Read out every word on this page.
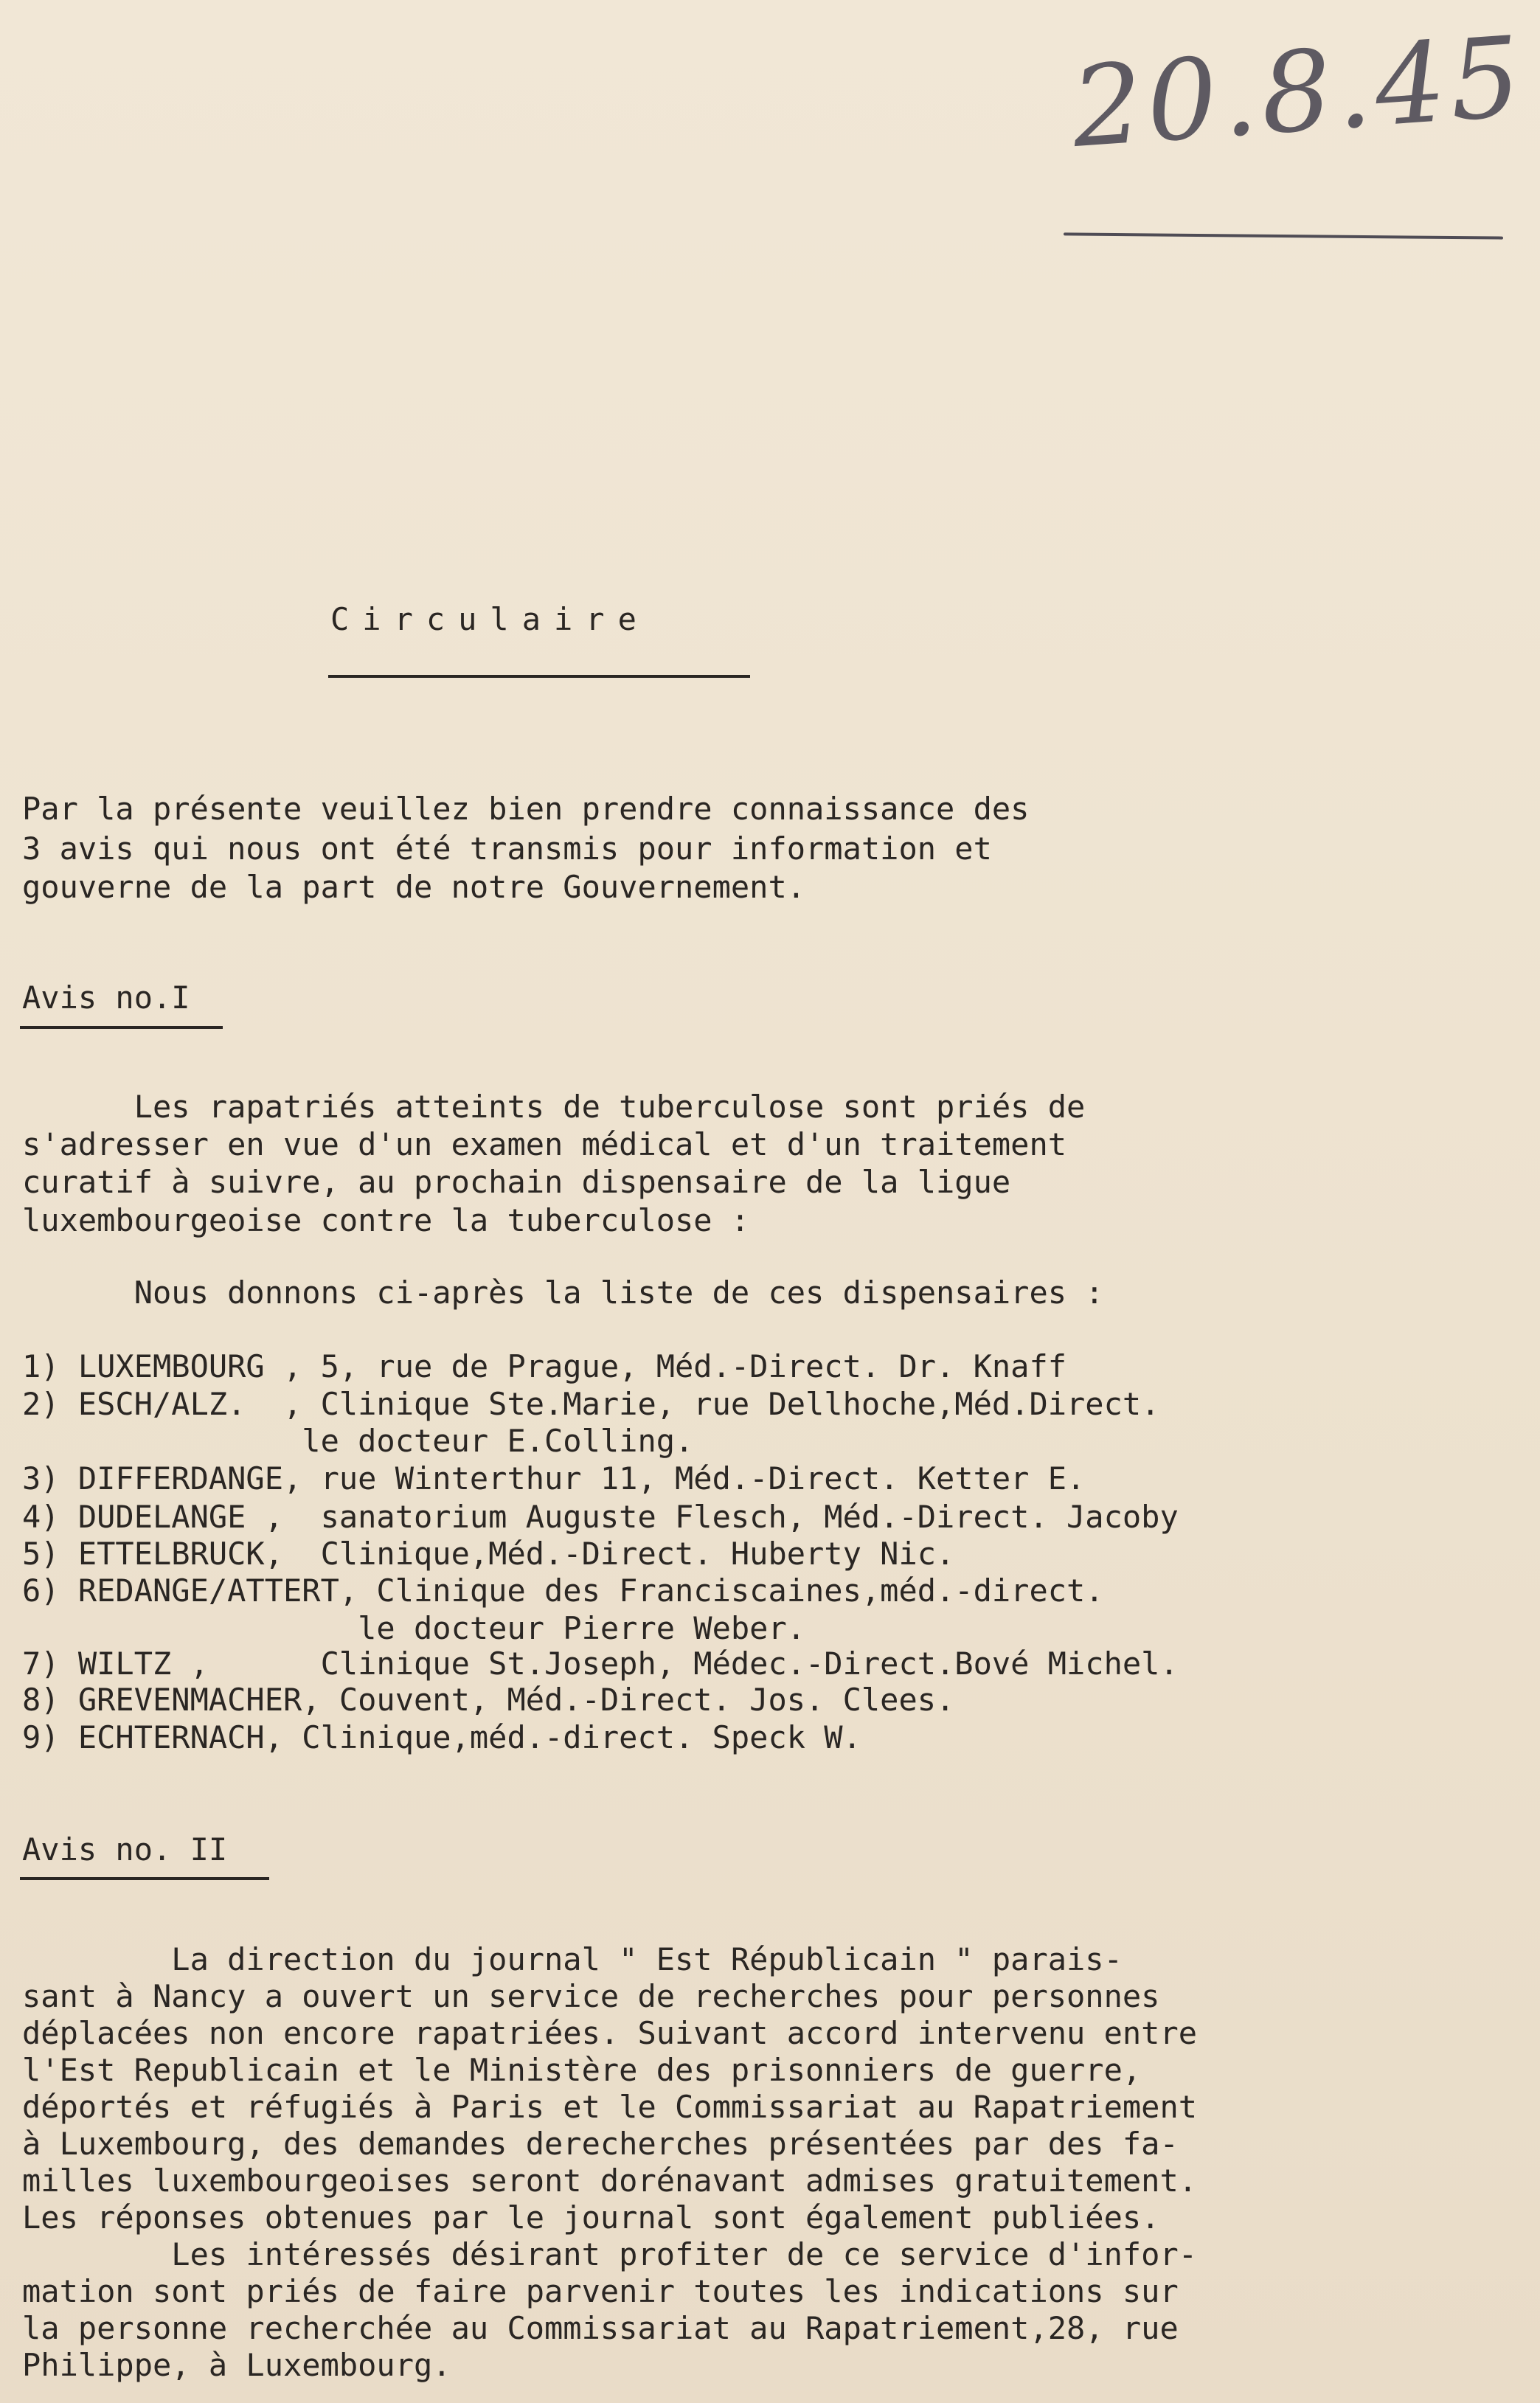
20.8.45
Circulaire
Par la présente veuillez bien prendre connaissance des
3 avis qui nous ont été transmis pour information et
gouverne de la part de notre Gouvernement.
Avis no.I
Les rapatriés atteints de tuberculose sont priés de
s'adresser en vue d'un examen médical et d'un traitement
curatif à suivre, au prochain dispensaire de la ligue
luxembourgeoise contre la tuberculose :
Nous donnons ci-après la liste de ces dispensaires :
1) LUXEMBOURG , 5, rue de Prague, Méd.-Direct. Dr. Knaff
2) ESCH/ALZ.  , Clinique Ste.Marie, rue Dellhoche,Méd.Direct.
le docteur E.Colling.
3) DIFFERDANGE, rue Winterthur 11, Méd.-Direct. Ketter E.
4) DUDELANGE ,  sanatorium Auguste Flesch, Méd.-Direct. Jacoby
5) ETTELBRUCK,  Clinique,Méd.-Direct. Huberty Nic.
6) REDANGE/ATTERT, Clinique des Franciscaines,méd.-direct.
le docteur Pierre Weber.
7) WILTZ ,      Clinique St.Joseph, Médec.-Direct.Bové Michel.
8) GREVENMACHER, Couvent, Méd.-Direct. Jos. Clees.
9) ECHTERNACH, Clinique,méd.-direct. Speck W.
Avis no. II
La direction du journal " Est Républicain " parais-
sant à Nancy a ouvert un service de recherches pour personnes
déplacées non encore rapatriées. Suivant accord intervenu entre
l'Est Republicain et le Ministère des prisonniers de guerre,
déportés et réfugiés à Paris et le Commissariat au Rapatriement
à Luxembourg, des demandes derecherches présentées par des fa-
milles luxembourgeoises seront dorénavant admises gratuitement.
Les réponses obtenues par le journal sont également publiées.
Les intéressés désirant profiter de ce service d'infor-
mation sont priés de faire parvenir toutes les indications sur
la personne recherchée au Commissariat au Rapatriement,28, rue
Philippe, à Luxembourg.
